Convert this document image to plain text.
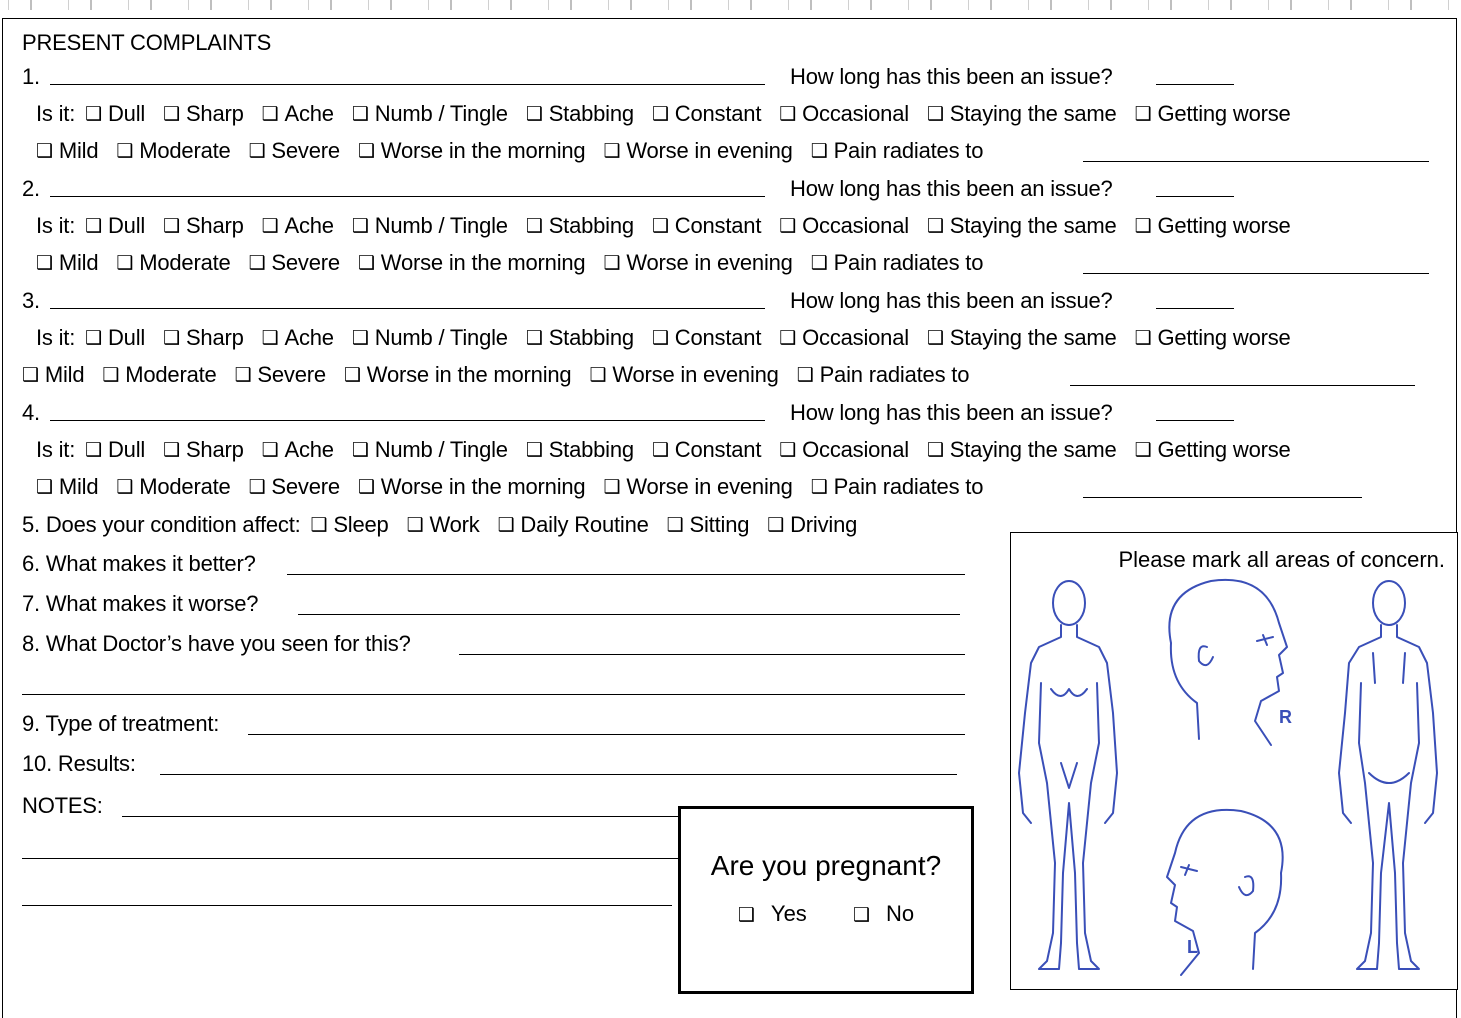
PRESENT COMPLAINTS
1.	How long has this been an issue?
Is it: ❑ Dull ❑ Sharp ❑ Ache ❑ Numb / Tingle ❑ Stabbing ❑ Constant ❑ Occasional ❑ Staying the same ❑ Getting worse
❑ Mild ❑ Moderate ❑ Severe ❑ Worse in the morning ❑ Worse in evening ❑ Pain radiates to
2.	How long has this been an issue?
Is it: ❑ Dull ❑ Sharp ❑ Ache ❑ Numb / Tingle ❑ Stabbing ❑ Constant ❑ Occasional ❑ Staying the same ❑ Getting worse
❑ Mild ❑ Moderate ❑ Severe ❑ Worse in the morning ❑ Worse in evening ❑ Pain radiates to
3.	How long has this been an issue?
Is it: ❑ Dull ❑ Sharp ❑ Ache ❑ Numb / Tingle ❑ Stabbing ❑ Constant ❑ Occasional ❑ Staying the same ❑ Getting worse
❑ Mild ❑ Moderate ❑ Severe ❑ Worse in the morning ❑ Worse in evening ❑ Pain radiates to
4.	How long has this been an issue?
Is it: ❑ Dull ❑ Sharp ❑ Ache ❑ Numb / Tingle ❑ Stabbing ❑ Constant ❑ Occasional ❑ Staying the same ❑ Getting worse
❑ Mild ❑ Moderate ❑ Severe ❑ Worse in the morning ❑ Worse in evening ❑ Pain radiates to
5. Does your condition affect: ❑ Sleep ❑ Work ❑ Daily Routine ❑ Sitting ❑ Driving
6. What makes it better?
7. What makes it worse?
8. What Doctor’s have you seen for this?
9. Type of treatment:
10. Results:
NOTES:
Are you pregnant?
❑ Yes ❑ No
Please mark all areas of concern.
R
L
